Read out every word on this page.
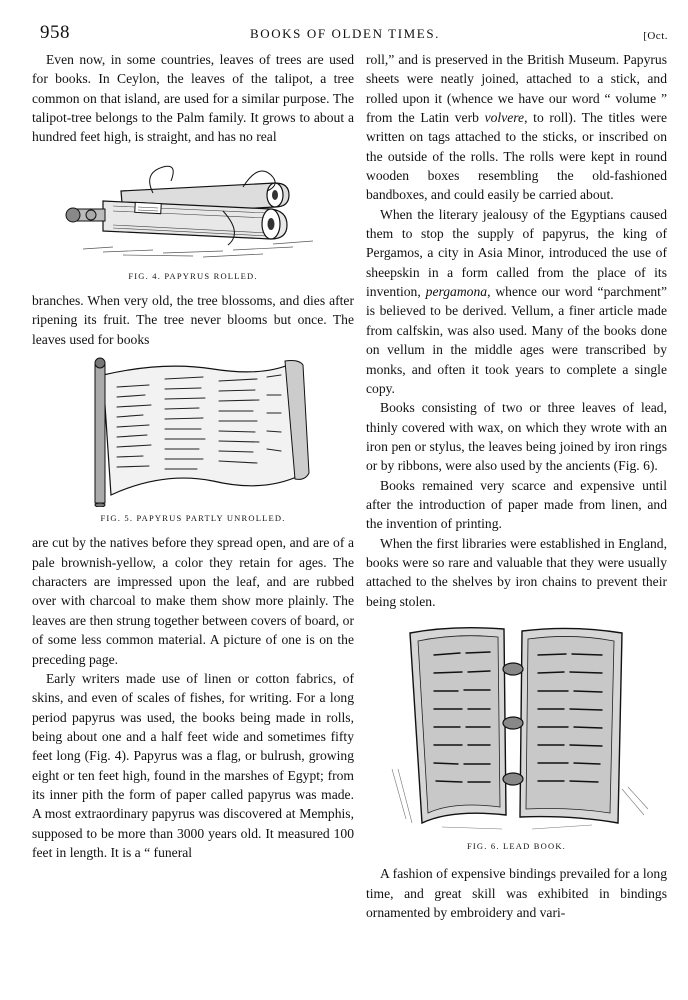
958	BOOKS OF OLDEN TIMES.	[Oct.

Even now, in some countries, leaves of trees are used for books. In Ceylon, the leaves of the talipot, a tree common on that island, are used for a similar purpose. The talipot-tree belongs to the Palm family. It grows to about a hundred feet high, is straight, and has no real

FIG. 4. PAPYRUS ROLLED.

branches. When very old, the tree blossoms, and dies after ripening its fruit. The tree never blooms but once. The leaves used for books

FIG. 5. PAPYRUS PARTLY UNROLLED.

are cut by the natives before they spread open, and are of a pale brownish-yellow, a color they retain for ages. The characters are impressed upon the leaf, and are rubbed over with charcoal to make them show more plainly. The leaves are then strung together between covers of board, or of some less common material. A picture of one is on the preceding page.

Early writers made use of linen or cotton fabrics, of skins, and even of scales of fishes, for writing. For a long period papyrus was used, the books being made in rolls, being about one and a half feet wide and sometimes fifty feet long (Fig. 4). Papyrus was a flag, or bulrush, growing eight or ten feet high, found in the marshes of Egypt; from its inner pith the form of paper called papyrus was made. A most extraordinary papyrus was discovered at Memphis, supposed to be more than 3000 years old. It measured 100 feet in length. It is a “ funeral

roll,” and is preserved in the British Museum. Papyrus sheets were neatly joined, attached to a stick, and rolled upon it (whence we have our word “ volume ” from the Latin verb volvere, to roll). The titles were written on tags attached to the sticks, or inscribed on the outside of the rolls. The rolls were kept in round wooden boxes resembling the old-fashioned bandboxes, and could easily be carried about.

When the literary jealousy of the Egyptians caused them to stop the supply of papyrus, the king of Pergamos, a city in Asia Minor, introduced the use of sheepskin in a form called from the place of its invention, pergamona, whence our word “parchment” is believed to be derived. Vellum, a finer article made from calfskin, was also used. Many of the books done on vellum in the middle ages were transcribed by monks, and often it took years to complete a single copy.

Books consisting of two or three leaves of lead, thinly covered with wax, on which they wrote with an iron pen or stylus, the leaves being joined by iron rings or by ribbons, were also used by the ancients (Fig. 6).

Books remained very scarce and expensive until after the introduction of paper made from linen, and the invention of printing.

When the first libraries were established in England, books were so rare and valuable that they were usually attached to the shelves by iron chains to prevent their being stolen.

FIG. 6. LEAD BOOK.

A fashion of expensive bindings prevailed for a long time, and great skill was exhibited in bindings ornamented by embroidery and vari-
